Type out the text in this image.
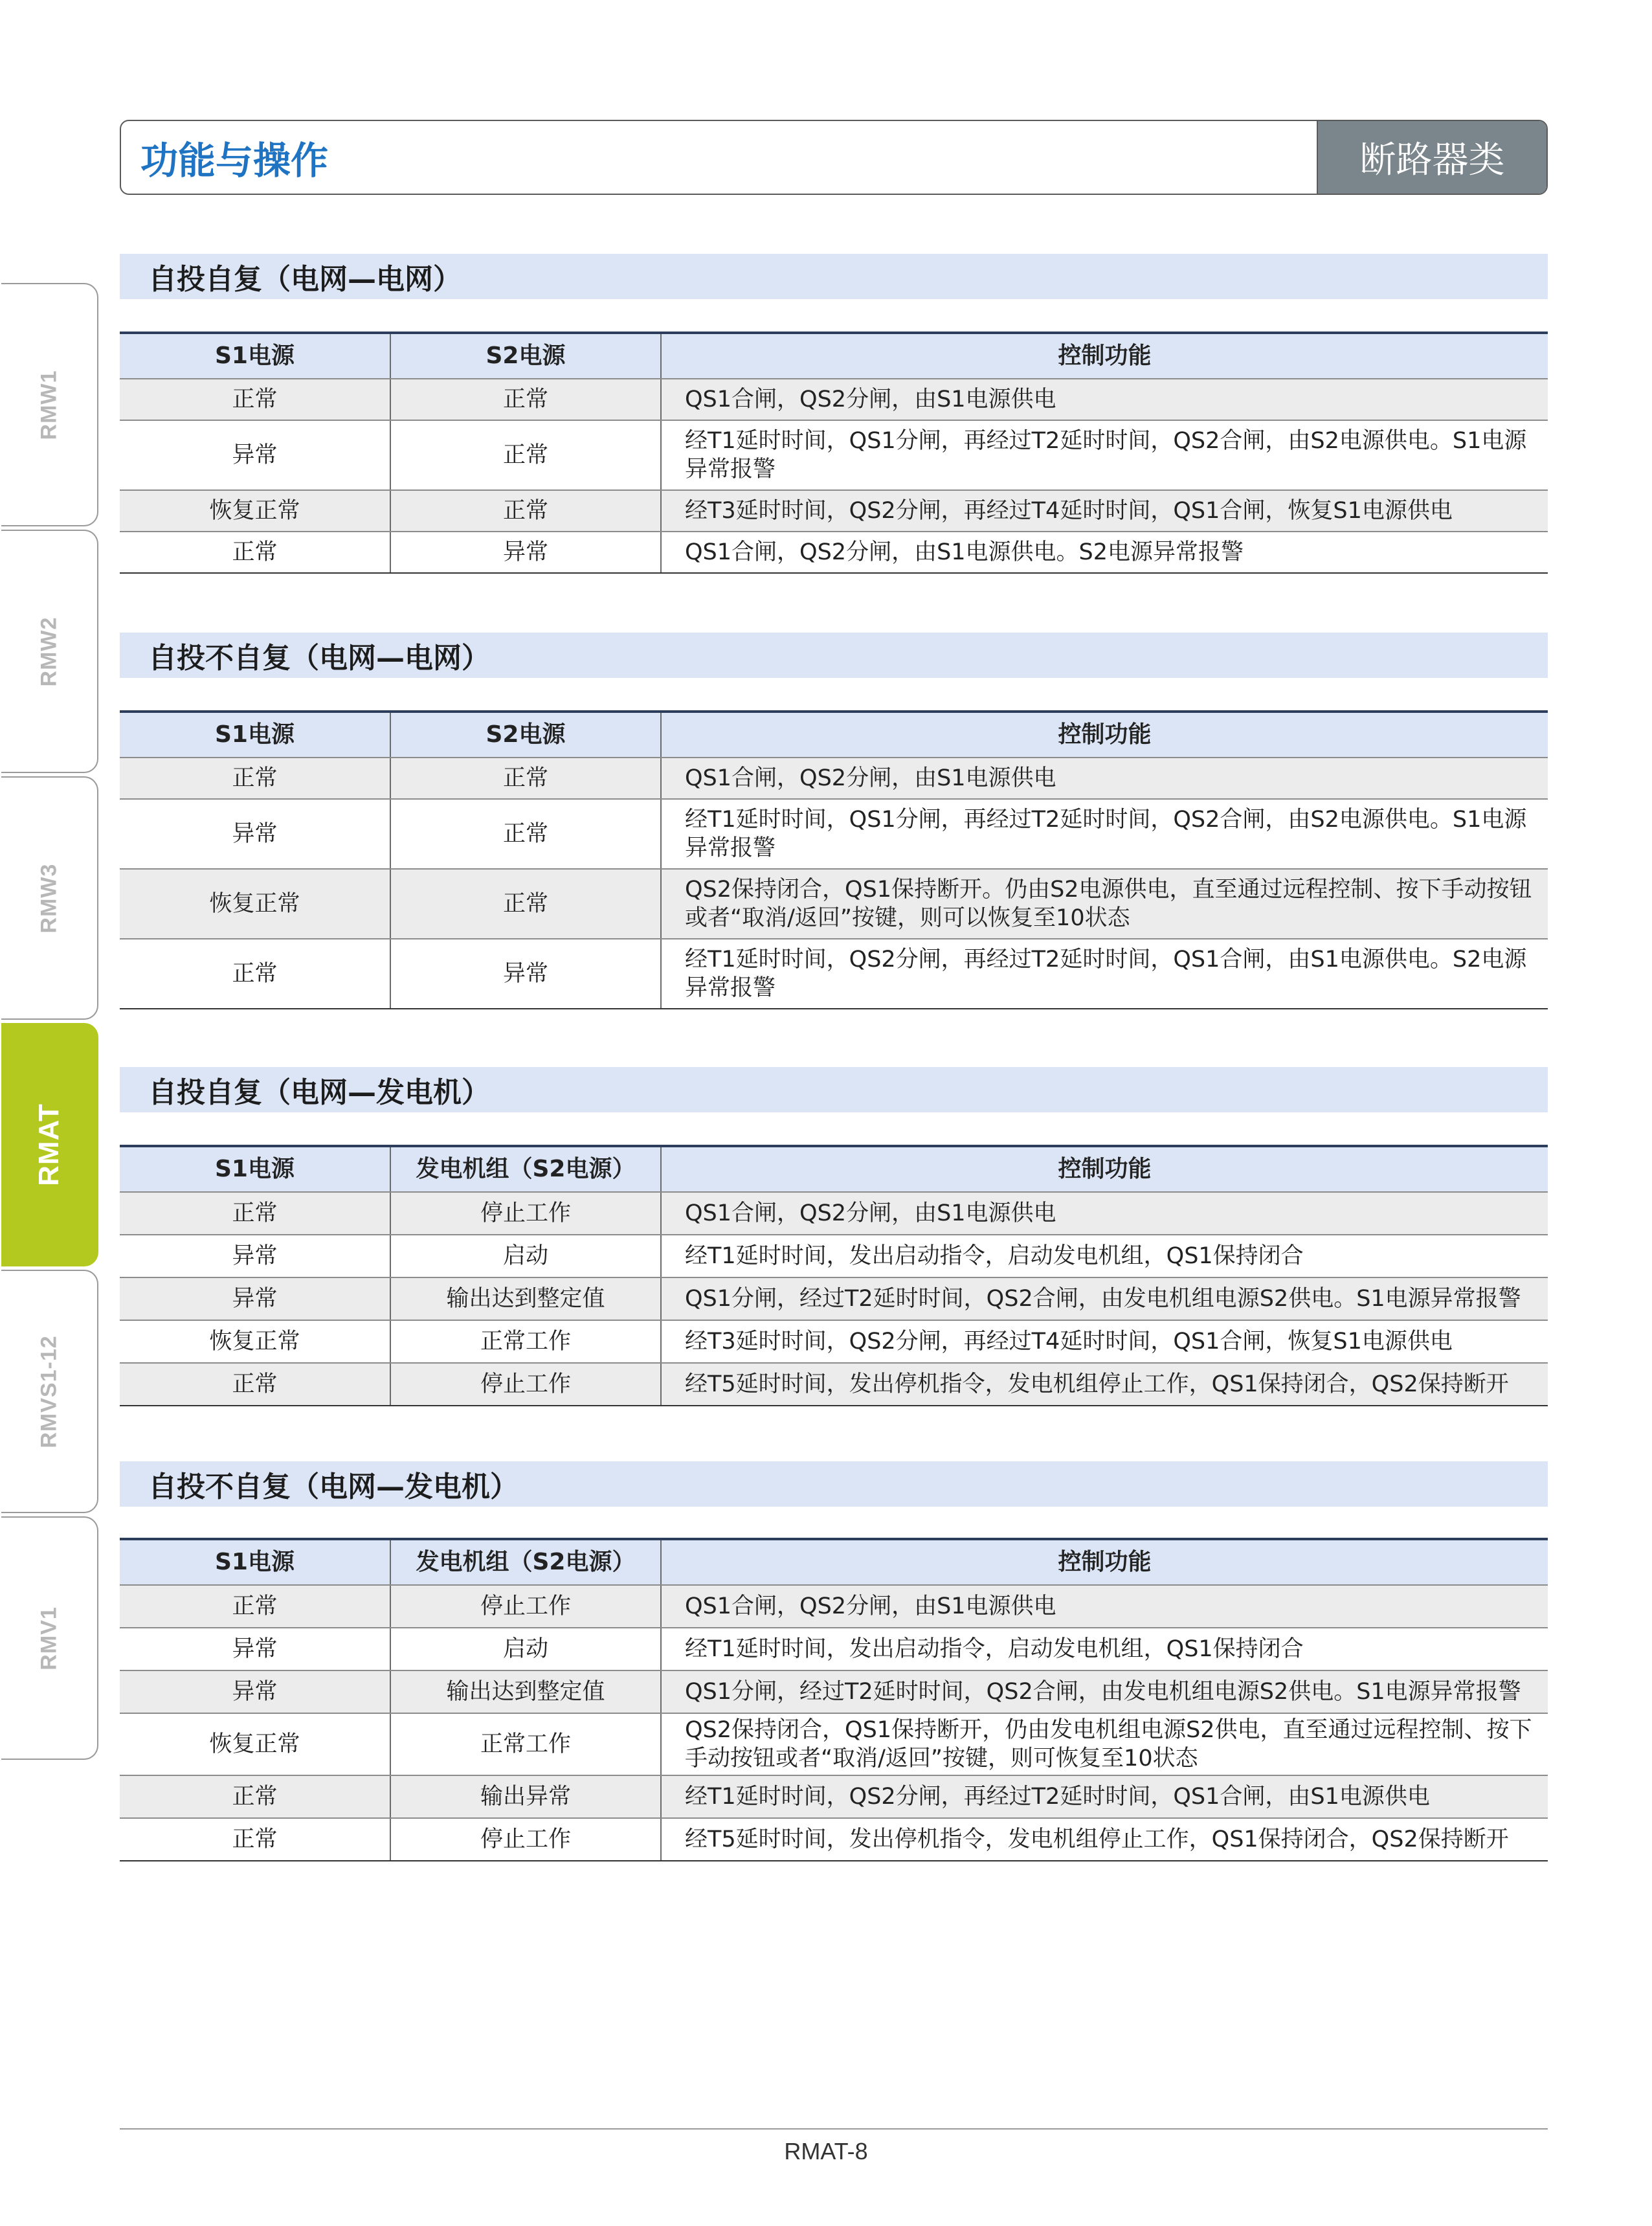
功能与操作	断路器类
RMW1
RMW2
RMW3
RMAT
RMVS1-12
RMV1
自投自复（电网—电网）
S1电源	S2电源	控制功能
正常	正常	QS1合闸，QS2分闸，由S1电源供电
异常	正常	经T1延时时间，QS1分闸，再经过T2延时时间，QS2合闸，由S2电源供电。S1电源异常报警
恢复正常	正常	经T3延时时间，QS2分闸，再经过T4延时时间，QS1合闸，恢复S1电源供电
正常	异常	QS1合闸，QS2分闸，由S1电源供电。S2电源异常报警
自投不自复（电网—电网）
S1电源	S2电源	控制功能
正常	正常	QS1合闸，QS2分闸，由S1电源供电
异常	正常	经T1延时时间，QS1分闸，再经过T2延时时间，QS2合闸，由S2电源供电。S1电源异常报警
恢复正常	正常	QS2保持闭合，QS1保持断开。仍由S2电源供电，直至通过远程控制、按下手动按钮或者“取消/返回”按键，则可以恢复至10状态
正常	异常	经T1延时时间，QS2分闸，再经过T2延时时间，QS1合闸，由S1电源供电。S2电源异常报警
自投自复（电网—发电机）
S1电源	发电机组（S2电源）	控制功能
正常	停止工作	QS1合闸，QS2分闸，由S1电源供电
异常	启动	经T1延时时间，发出启动指令，启动发电机组，QS1保持闭合
异常	输出达到整定值	QS1分闸，经过T2延时时间，QS2合闸，由发电机组电源S2供电。S1电源异常报警
恢复正常	正常工作	经T3延时时间，QS2分闸，再经过T4延时时间，QS1合闸，恢复S1电源供电
正常	停止工作	经T5延时时间，发出停机指令，发电机组停止工作，QS1保持闭合，QS2保持断开
自投不自复（电网—发电机）
S1电源	发电机组（S2电源）	控制功能
正常	停止工作	QS1合闸，QS2分闸，由S1电源供电
异常	启动	经T1延时时间，发出启动指令，启动发电机组，QS1保持闭合
异常	输出达到整定值	QS1分闸，经过T2延时时间，QS2合闸，由发电机组电源S2供电。S1电源异常报警
恢复正常	正常工作	QS2保持闭合，QS1保持断开，仍由发电机组电源S2供电，直至通过远程控制、按下手动按钮或者“取消/返回”按键，则可恢复至10状态
正常	输出异常	经T1延时时间，QS2分闸，再经过T2延时时间，QS1合闸，由S1电源供电
正常	停止工作	经T5延时时间，发出停机指令，发电机组停止工作，QS1保持闭合，QS2保持断开
RMAT-8
